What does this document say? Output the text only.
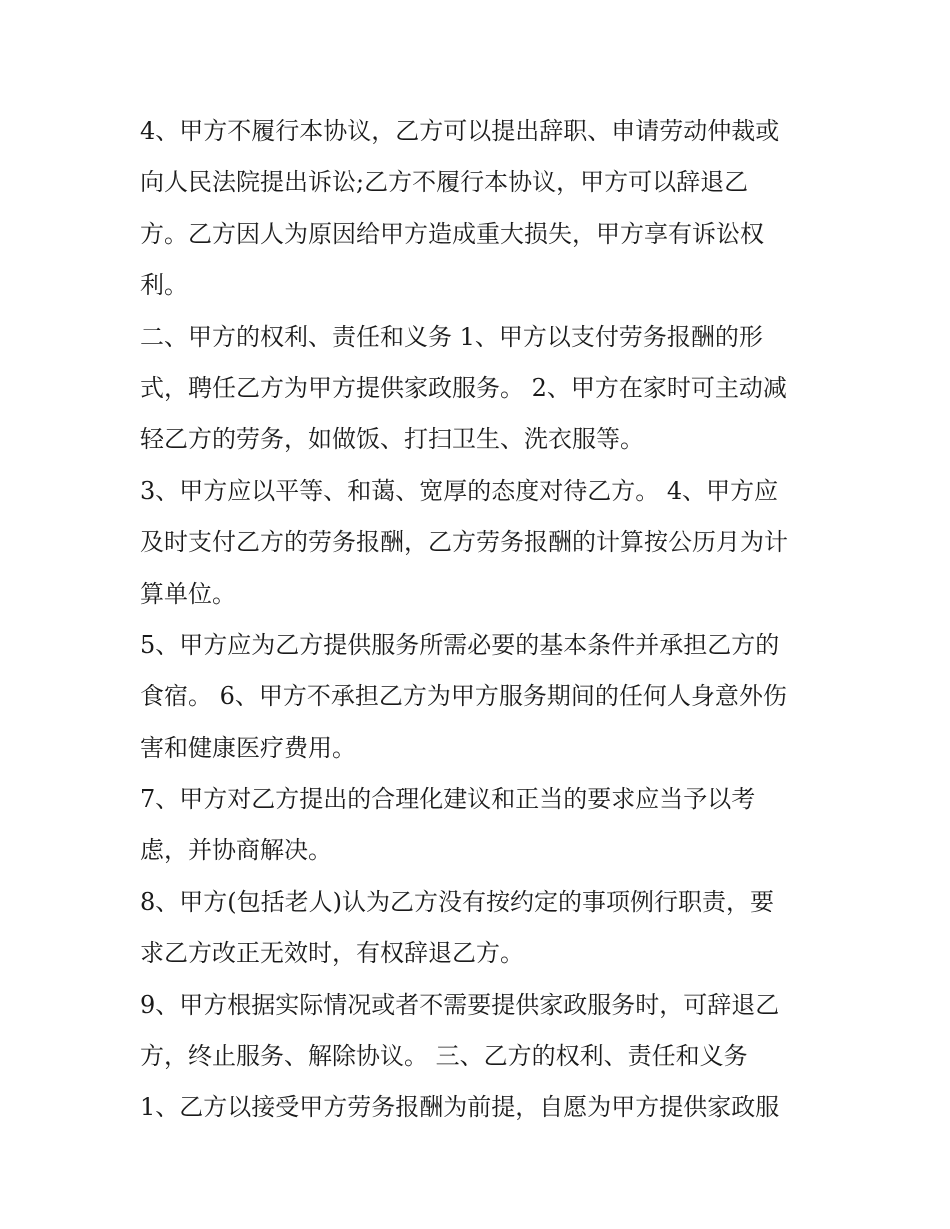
4、甲方不履行本协议，乙方可以提出辞职、申请劳动仲裁或
向人民法院提出诉讼;乙方不履行本协议，甲方可以辞退乙
方。乙方因人为原因给甲方造成重大损失，甲方享有诉讼权
利。
二、甲方的权利、责任和义务 1、甲方以支付劳务报酬的形
式，聘任乙方为甲方提供家政服务。 2、甲方在家时可主动减
轻乙方的劳务，如做饭、打扫卫生、洗衣服等。
3、甲方应以平等、和蔼、宽厚的态度对待乙方。 4、甲方应
及时支付乙方的劳务报酬，乙方劳务报酬的计算按公历月为计
算单位。
5、甲方应为乙方提供服务所需必要的基本条件并承担乙方的
食宿。 6、甲方不承担乙方为甲方服务期间的任何人身意外伤
害和健康医疗费用。
7、甲方对乙方提出的合理化建议和正当的要求应当予以考
虑，并协商解决。
8、甲方(包括老人)认为乙方没有按约定的事项例行职责，要
求乙方改正无效时，有权辞退乙方。
9、甲方根据实际情况或者不需要提供家政服务时，可辞退乙
方，终止服务、解除协议。 三、乙方的权利、责任和义务
1、乙方以接受甲方劳务报酬为前提，自愿为甲方提供家政服
